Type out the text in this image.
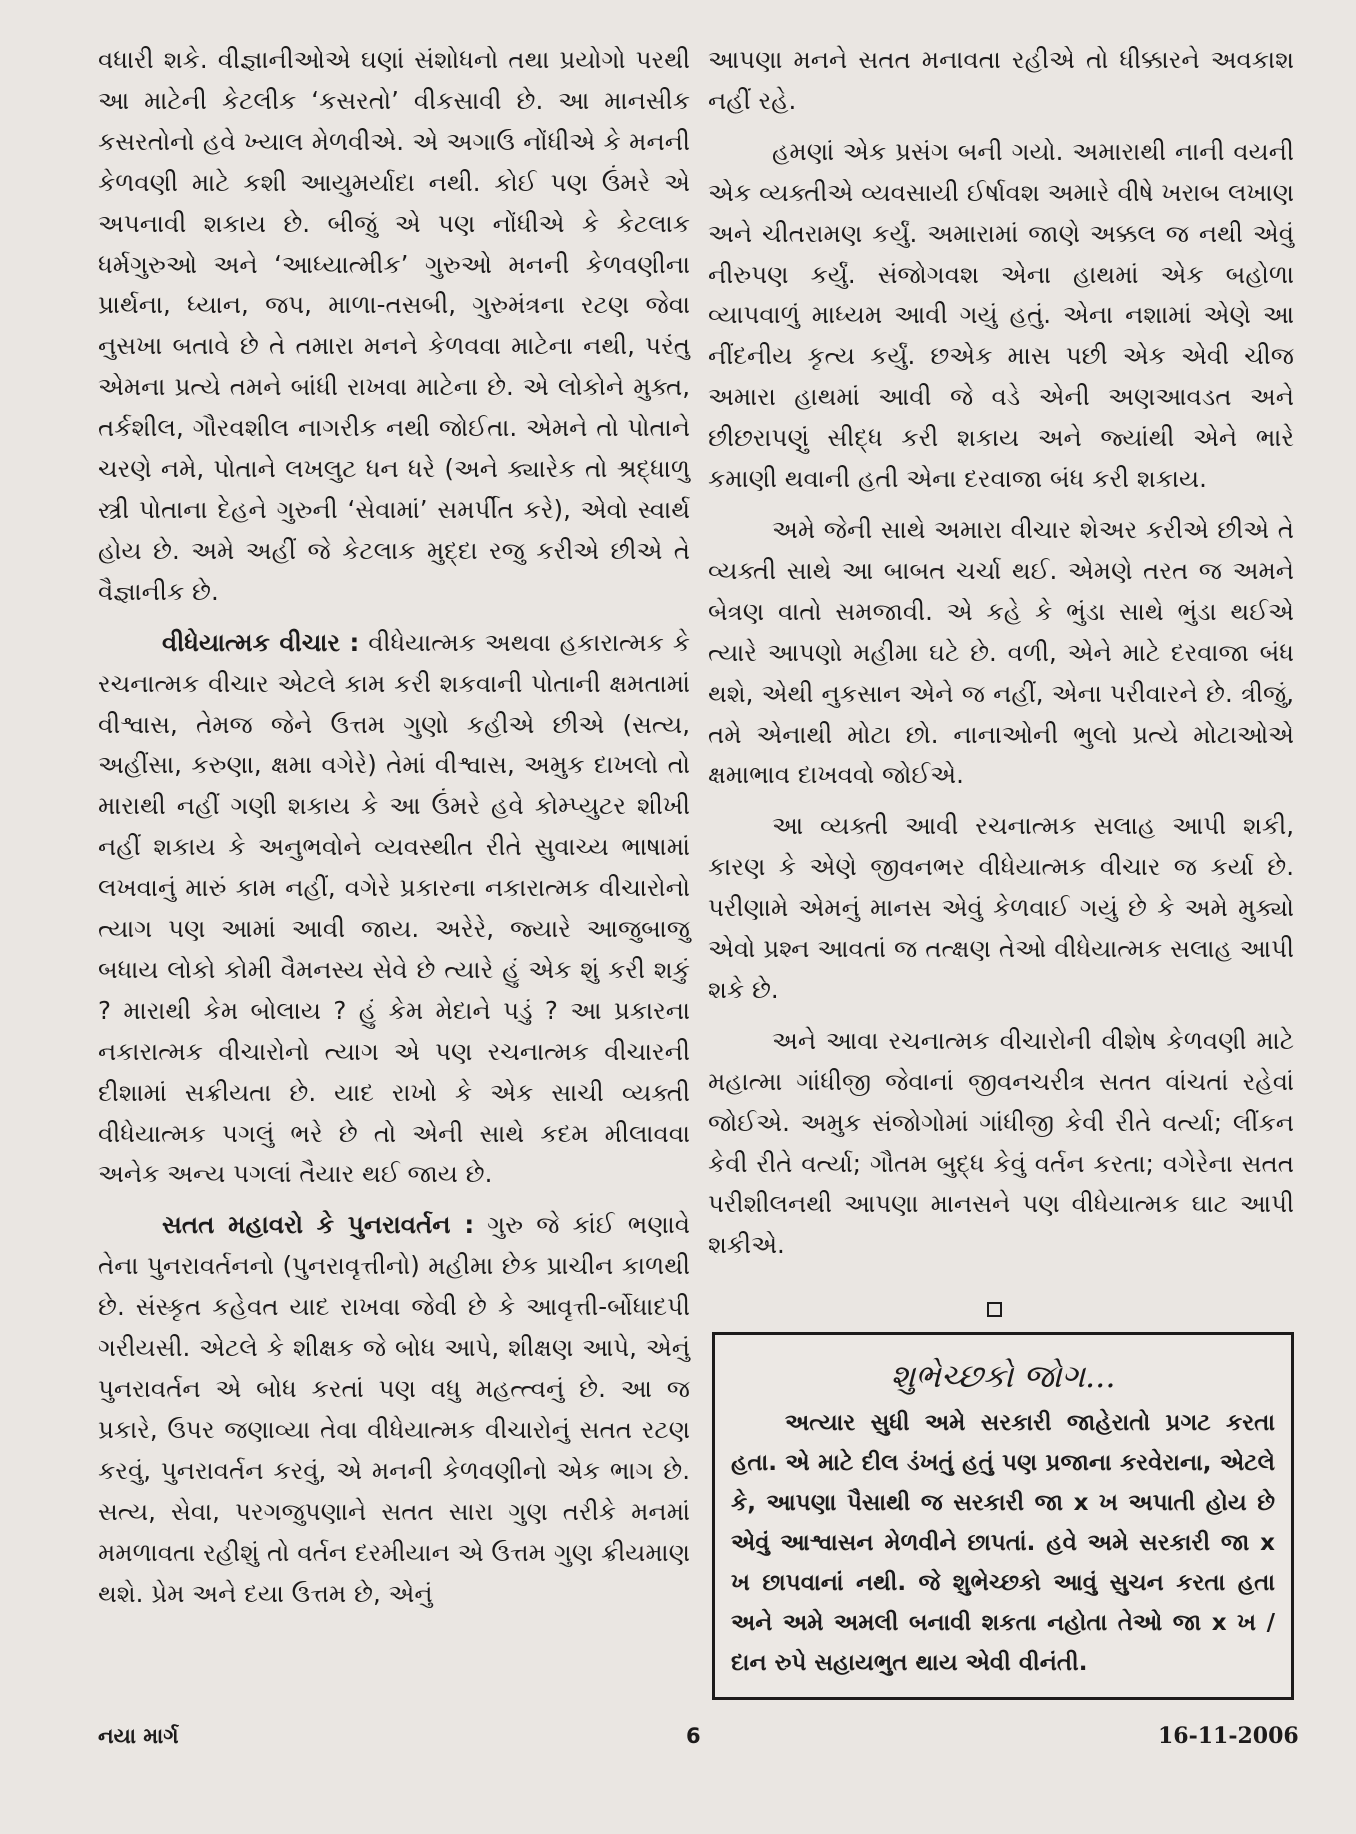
વધારી શકે. વીજ્ઞાનીઓએ ઘણાં સંશોધનો તથા પ્રયોગો પરથી આ માટેની કેટલીક ‘કસરતો’ વીકસાવી છે. આ માનસીક કસરતોનો હવે ખ્યાલ મેળવીએ. એ અગાઉ નોંધીએ કે મનની કેળવણી માટે કશી આયુમર્યાદા નથી. કોઈ પણ ઉંમરે એ અપનાવી શકાય છે. બીજું એ પણ નોંધીએ કે કેટલાક ધર્મગુરુઓ અને ‘આધ્યાત્મીક’ ગુરુઓ મનની કેળવણીના પ્રાર્થના, ધ્યાન, જપ, માળા-તસબી, ગુરુમંત્રના રટણ જેવા નુસખા બતાવે છે તે તમારા મનને કેળવવા માટેના નથી, પરંતુ એમના પ્રત્યે તમને બાંધી રાખવા માટેના છે. એ લોકોને મુક્ત, તર્કશીલ, ગૌરવશીલ નાગરીક નથી જોઈતા. એમને તો પોતાને ચરણે નમે, પોતાને લખલુટ ધન ધરે (અને ક્યારેક તો શ્રદ્ધાળુ સ્ત્રી પોતાના દેહને ગુરુની ‘સેવામાં’ સમર્પીત કરે), એવો સ્વાર્થ હોય છે. અમે અહીં જે કેટલાક મુદ્દા રજુ કરીએ છીએ તે વૈજ્ઞાનીક છે.

વીધેયાત્મક વીચાર : વીધેયાત્મક અથવા હકારાત્મક કે રચનાત્મક વીચાર એટલે કામ કરી શકવાની પોતાની ક્ષમતામાં વીશ્વાસ, તેમજ જેને ઉત્તમ ગુણો કહીએ છીએ (સત્ય, અહીંસા, કરુણા, ક્ષમા વગેરે) તેમાં વીશ્વાસ, અમુક દાખલો તો મારાથી નહીં ગણી શકાય કે આ ઉંમરે હવે કોમ્પ્યુટર શીખી નહીં શકાય કે અનુભવોને વ્યવસ્થીત રીતે સુવાચ્ય ભાષામાં લખવાનું મારું કામ નહીં, વગેરે પ્રકારના નકારાત્મક વીચારોનો ત્યાગ પણ આમાં આવી જાય. અરેરે, જ્યારે આજુબાજુ બધાય લોકો કોમી વૈમનસ્ય સેવે છે ત્યારે હું એક શું કરી શકું ? મારાથી કેમ બોલાય ? હું કેમ મેદાને પડું ? આ પ્રકારના નકારાત્મક વીચારોનો ત્યાગ એ પણ રચનાત્મક વીચારની દીશામાં સક્રીયતા છે. યાદ રાખો કે એક સાચી વ્યક્તી વીધેયાત્મક પગલું ભરે છે તો એની સાથે કદમ મીલાવવા અનેક અન્ય પગલાં તૈયાર થઈ જાય છે.

સતત મહાવરો કે પુનરાવર્તન : ગુરુ જે કાંઈ ભણાવે તેના પુનરાવર્તનનો (પુનરાવૃત્તીનો) મહીમા છેક પ્રાચીન કાળથી છે. સંસ્કૃત કહેવત યાદ રાખવા જેવી છે કે આવૃત્તી-ર્બોધાદપી ગરીયસી. એટલે કે શીક્ષક જે બોધ આપે, શીક્ષણ આપે, એનું પુનરાવર્તન એ બોધ કરતાં પણ વધુ મહત્ત્વનું છે. આ જ પ્રકારે, ઉપર જણાવ્યા તેવા વીધેયાત્મક વીચારોનું સતત રટણ કરવું, પુનરાવર્તન કરવું, એ મનની કેળવણીનો એક ભાગ છે. સત્ય, સેવા, પરગજુપણાને સતત સારા ગુણ તરીકે મનમાં મમળાવતા રહીશું તો વર્તન દરમીયાન એ ઉત્તમ ગુણ ક્રીયમાણ થશે. પ્રેમ અને દયા ઉત્તમ છે, એનું

આપણા મનને સતત મનાવતા રહીએ તો ધીક્કારને અવકાશ નહીં રહે.

હમણાં એક પ્રસંગ બની ગયો. અમારાથી નાની વયની એક વ્યક્તીએ વ્યવસાયી ઈર્ષાવશ અમારે વીષે ખરાબ લખાણ અને ચીતરામણ કર્યું. અમારામાં જાણે અક્કલ જ નથી એવું નીરુપણ કર્યું. સંજોગવશ એના હાથમાં એક બહોળા વ્યાપવાળું માધ્યમ આવી ગયું હતું. એના નશામાં એણે આ નીંદનીય કૃત્ય કર્યું. છએક માસ પછી એક એવી ચીજ અમારા હાથમાં આવી જે વડે એની અણઆવડત અને છીછરાપણું સીદ્ધ કરી શકાય અને જ્યાંથી એને ભારે કમાણી થવાની હતી એના દરવાજા બંધ કરી શકાય.

અમે જેની સાથે અમારા વીચાર શેઅર કરીએ છીએ તે વ્યક્તી સાથે આ બાબત ચર્ચા થઈ. એમણે તરત જ અમને બેત્રણ વાતો સમજાવી. એ કહે કે ભુંડા સાથે ભુંડા થઈએ ત્યારે આપણો મહીમા ઘટે છે. વળી, એને માટે દરવાજા બંધ થશે, એથી નુકસાન એને જ નહીં, એના પરીવારને છે. ત્રીજું, તમે એનાથી મોટા છો. નાનાઓની ભુલો પ્રત્યે મોટાઓએ ક્ષમાભાવ દાખવવો જોઈએ.

આ વ્યક્તી આવી રચનાત્મક સલાહ આપી શકી, કારણ કે એણે જીવનભર વીધેયાત્મક વીચાર જ કર્યા છે. પરીણામે એમનું માનસ એવું કેળવાઈ ગયું છે કે અમે મુક્યો એવો પ્રશ્ન આવતાં જ તત્ક્ષણ તેઓ વીધેયાત્મક સલાહ આપી શકે છે.

અને આવા રચનાત્મક વીચારોની વીશેષ કેળવણી માટે મહાત્મા ગાંધીજી જેવાનાં જીવનચરીત્ર સતત વાંચતાં રહેવાં જોઈએ. અમુક સંજોગોમાં ગાંધીજી કેવી રીતે વર્ત્યા; લીંકન કેવી રીતે વર્ત્યા; ગૌતમ બુદ્ધ કેવું વર્તન કરતા; વગેરેના સતત પરીશીલનથી આપણા માનસને પણ વીધેયાત્મક ઘાટ આપી શકીએ.

શુભેચ્છકો જોગ...

અત્યાર સુધી અમે સરકારી જાહેરાતો પ્રગટ કરતા હતા. એ માટે દીલ ડંખતું હતું પણ પ્રજાના કરવેરાના, એટલે કે, આપણા પૈસાથી જ સરકારી જા x ખ અપાતી હોય છે એવું આશ્વાસન મેળવીને છાપતાં. હવે અમે સરકારી જા x ખ છાપવાનાં નથી. જે શુભેચ્છકો આવું સુચન કરતા હતા અને અમે અમલી બનાવી શકતા નહોતા તેઓ જા x ખ / દાન રુપે સહાયભુત થાય એવી વીનંતી.

નયા માર્ગ	6	16-11-2006
